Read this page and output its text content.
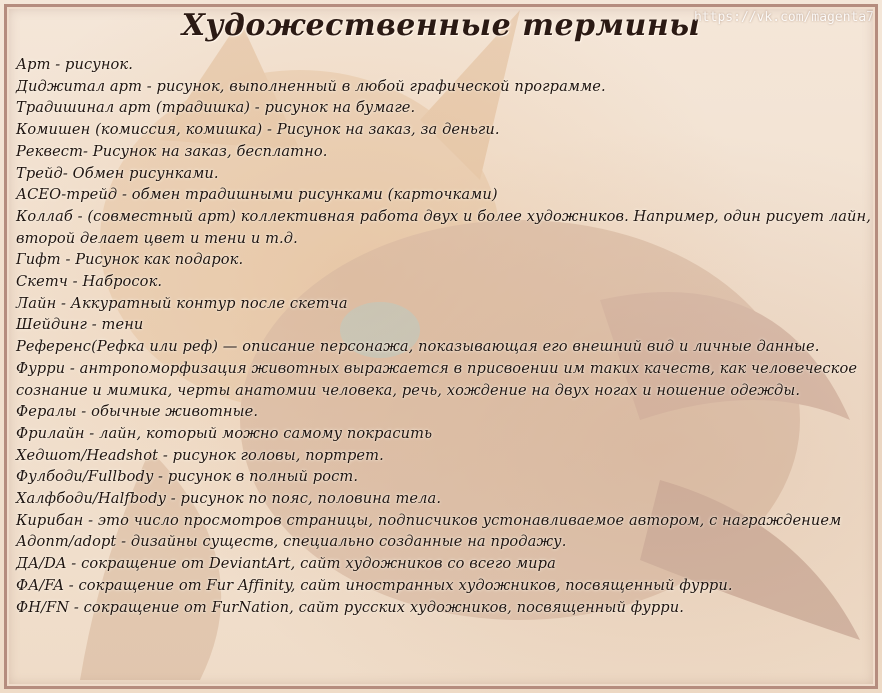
Художественные термины
https://vk.com/magenta7
Арт - рисунок.
Диджитал арт - рисунок, выполненный в любой графической программе.
Традишинал арт (традишка) - рисунок на бумаге.
Комишен (комиссия, комишка) - Рисунок на заказ, за деньги.
Реквест- Рисунок на заказ, бесплатно.
Трейд- Обмен рисунками.
АСЕО-трейд - обмен традишными рисунками (карточками)
Коллаб - (совместный арт) коллективная работа двух и более художников. Например, один рисует лайн, второй делает цвет и тени и т.д.
Гифт - Рисунок как подарок.
Скетч - Набросок.
Лайн - Аккуратный контур после скетча
Шейдинг - тени
Референс(Рефка или реф) — описание персонажа, показывающая его внешний вид и личные данные.
Фурри - антропоморфизация животных выражается в присвоении им таких качеств, как человеческое сознание и мимика, черты анатомии человека, речь, хождение на двух ногах и ношение одежды.
Ферaлы - обычные животные.
Фрилайн - лайн, который можно самому покрасить
Хедшот/Headshot - рисунок головы, портрет.
Фулбоди/Fullbody - рисунок в полный рост.
Халфбоди/Halfbody - рисунок по пояс, половина тела.
Кирибан - это число просмотров страницы, подписчиков устонавливаемое автором, с награждением
Адопт/adopt - дизайны существ, специально созданные на продажу.
ДА/DA - сокращение от DeviantArt, сайт художников со всего мира
ФА/FA - сокращение от Fur Affinity, сайт иностранных художников, посвященный фурри.
ФН/FN - сокращение от FurNation, сайт русских художников, посвященный фурри.
